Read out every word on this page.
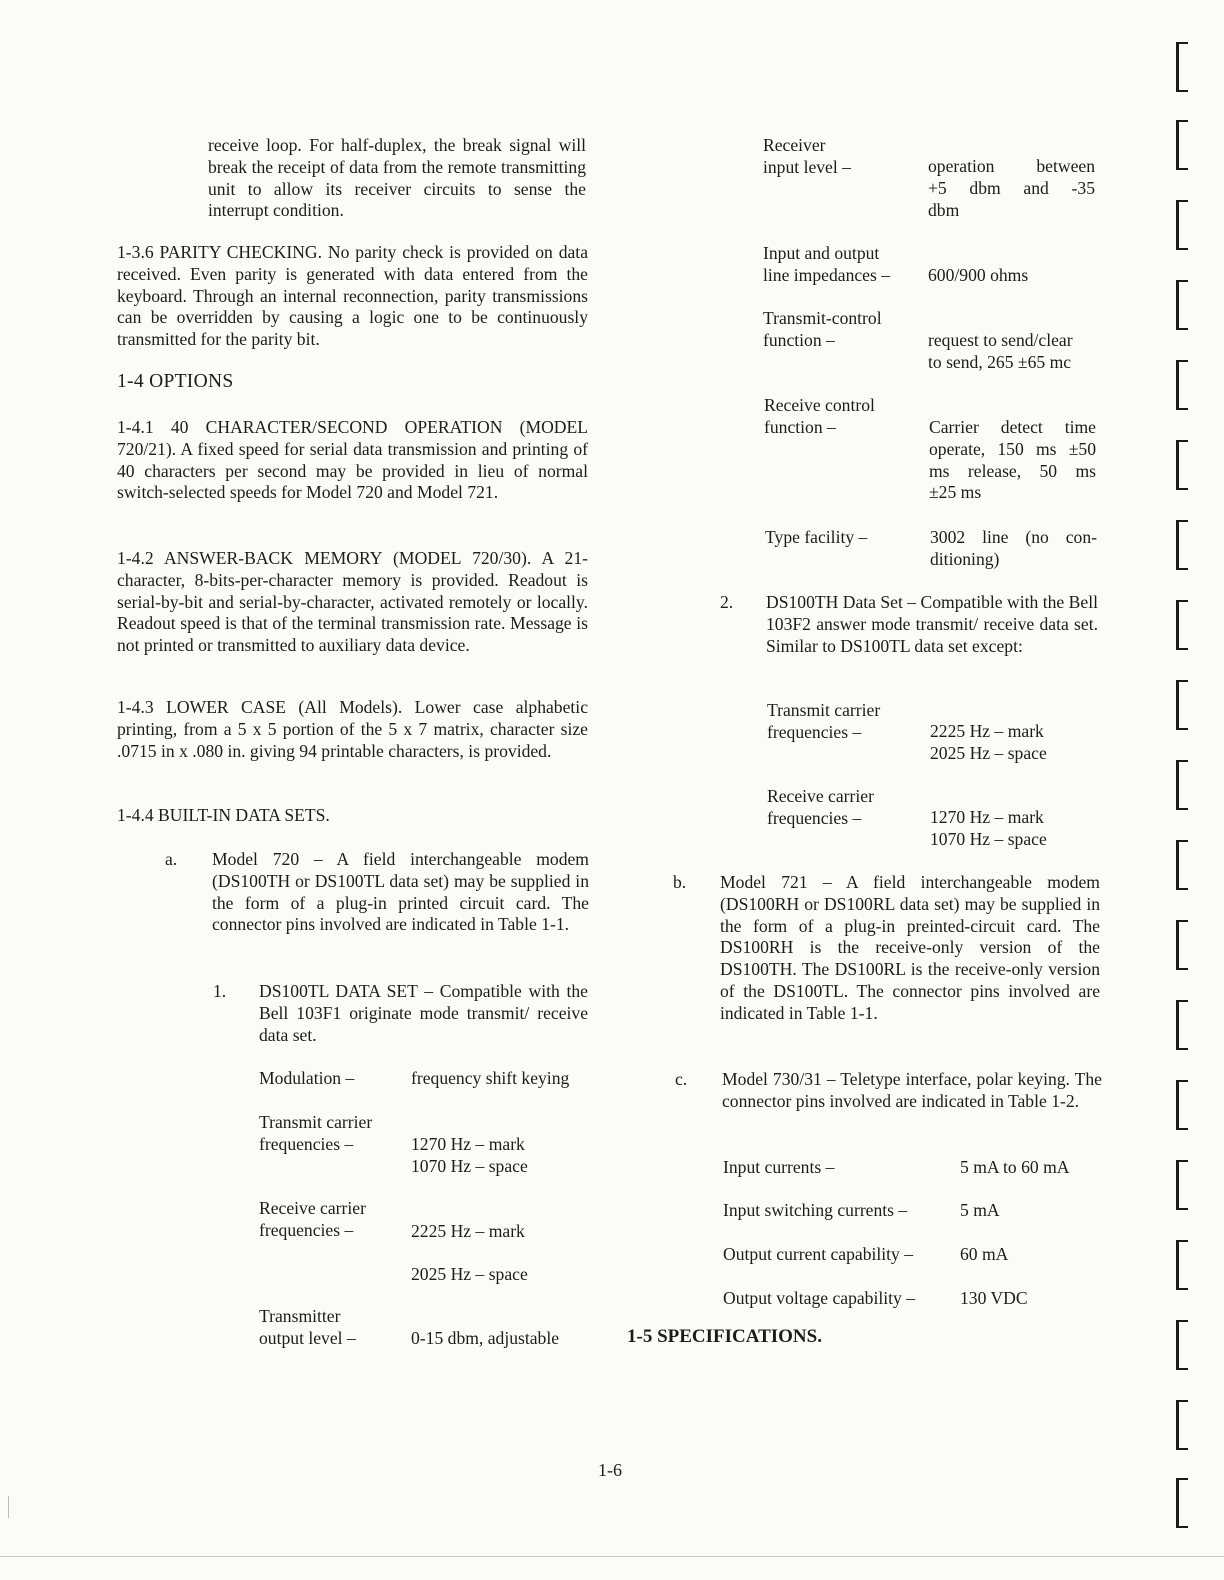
receive loop. For half-duplex, the break signal will break the receipt of data from the remote transmitting unit to allow its receiver circuits to sense the interrupt condition.
1-3.6 PARITY CHECKING. No parity check is provided on data received. Even parity is generated with data entered from the keyboard. Through an internal reconnection, parity transmissions can be overridden by causing a logic one to be continuously transmitted for the parity bit.
1-4 OPTIONS
1-4.1 40 CHARACTER/SECOND OPERATION (MODEL 720/21). A fixed speed for serial data transmission and printing of 40 characters per second may be provided in lieu of normal switch-selected speeds for Model 720 and Model 721.
1-4.2 ANSWER-BACK MEMORY (MODEL 720/30). A 21-character, 8-bits-per-character memory is provided. Readout is serial-by-bit and serial-by-character, activated remotely or locally. Readout speed is that of the terminal transmission rate. Message is not printed or transmitted to auxiliary data device.
1-4.3 LOWER CASE (All Models). Lower case alphabetic printing, from a 5 x 5 portion of the 5 x 7 matrix, character size .0715 in x .080 in. giving 94 printable characters, is provided.
1-4.4 BUILT-IN DATA SETS.
a. Model 720 – A field interchangeable modem (DS100TH or DS100TL data set) may be supplied in the form of a plug-in printed circuit card. The connector pins involved are indicated in Table 1-1.
1. DS100TL DATA SET – Compatible with the Bell 103F1 originate mode transmit/ receive data set.
Modulation –	frequency shift keying
Transmit carrier
frequencies –	1270 Hz – mark
1070 Hz – space
Receive carrier
frequencies –	2225 Hz – mark
2025 Hz – space
Transmitter
output level –	0-15 dbm, adjustable
Receiver
input level –	operation between
+5 dbm and -35
dbm
Input and output
line impedances – 600/900 ohms
Transmit-control
function –	request to send/clear
to send, 265 ±65 mc
Receive control
function –	Carrier detect time
operate, 150 ms ±50
ms release, 50 ms
±25 ms
Type facility –	3002 line (no con-
ditioning)
2. DS100TH Data Set – Compatible with the Bell 103F2 answer mode transmit/ receive data set. Similar to DS100TL data set except:
Transmit carrier
frequencies –	2225 Hz – mark
2025 Hz – space
Receive carrier
frequencies –	1270 Hz – mark
1070 Hz – space
b. Model 721 – A field interchangeable modem (DS100RH or DS100RL data set) may be supplied in the form of a plug-in preinted-circuit card. The DS100RH is the receive-only version of the DS100TH. The DS100RL is the receive-only version of the DS100TL. The connector pins involved are indicated in Table 1-1.
c. Model 730/31 – Teletype interface, polar keying. The connector pins involved are indicated in Table 1-2.
Input currents –	5 mA to 60 mA
Input switching currents –	5 mA
Output current capability –	60 mA
Output voltage capability –	130 VDC
1-5 SPECIFICATIONS.
1-6
